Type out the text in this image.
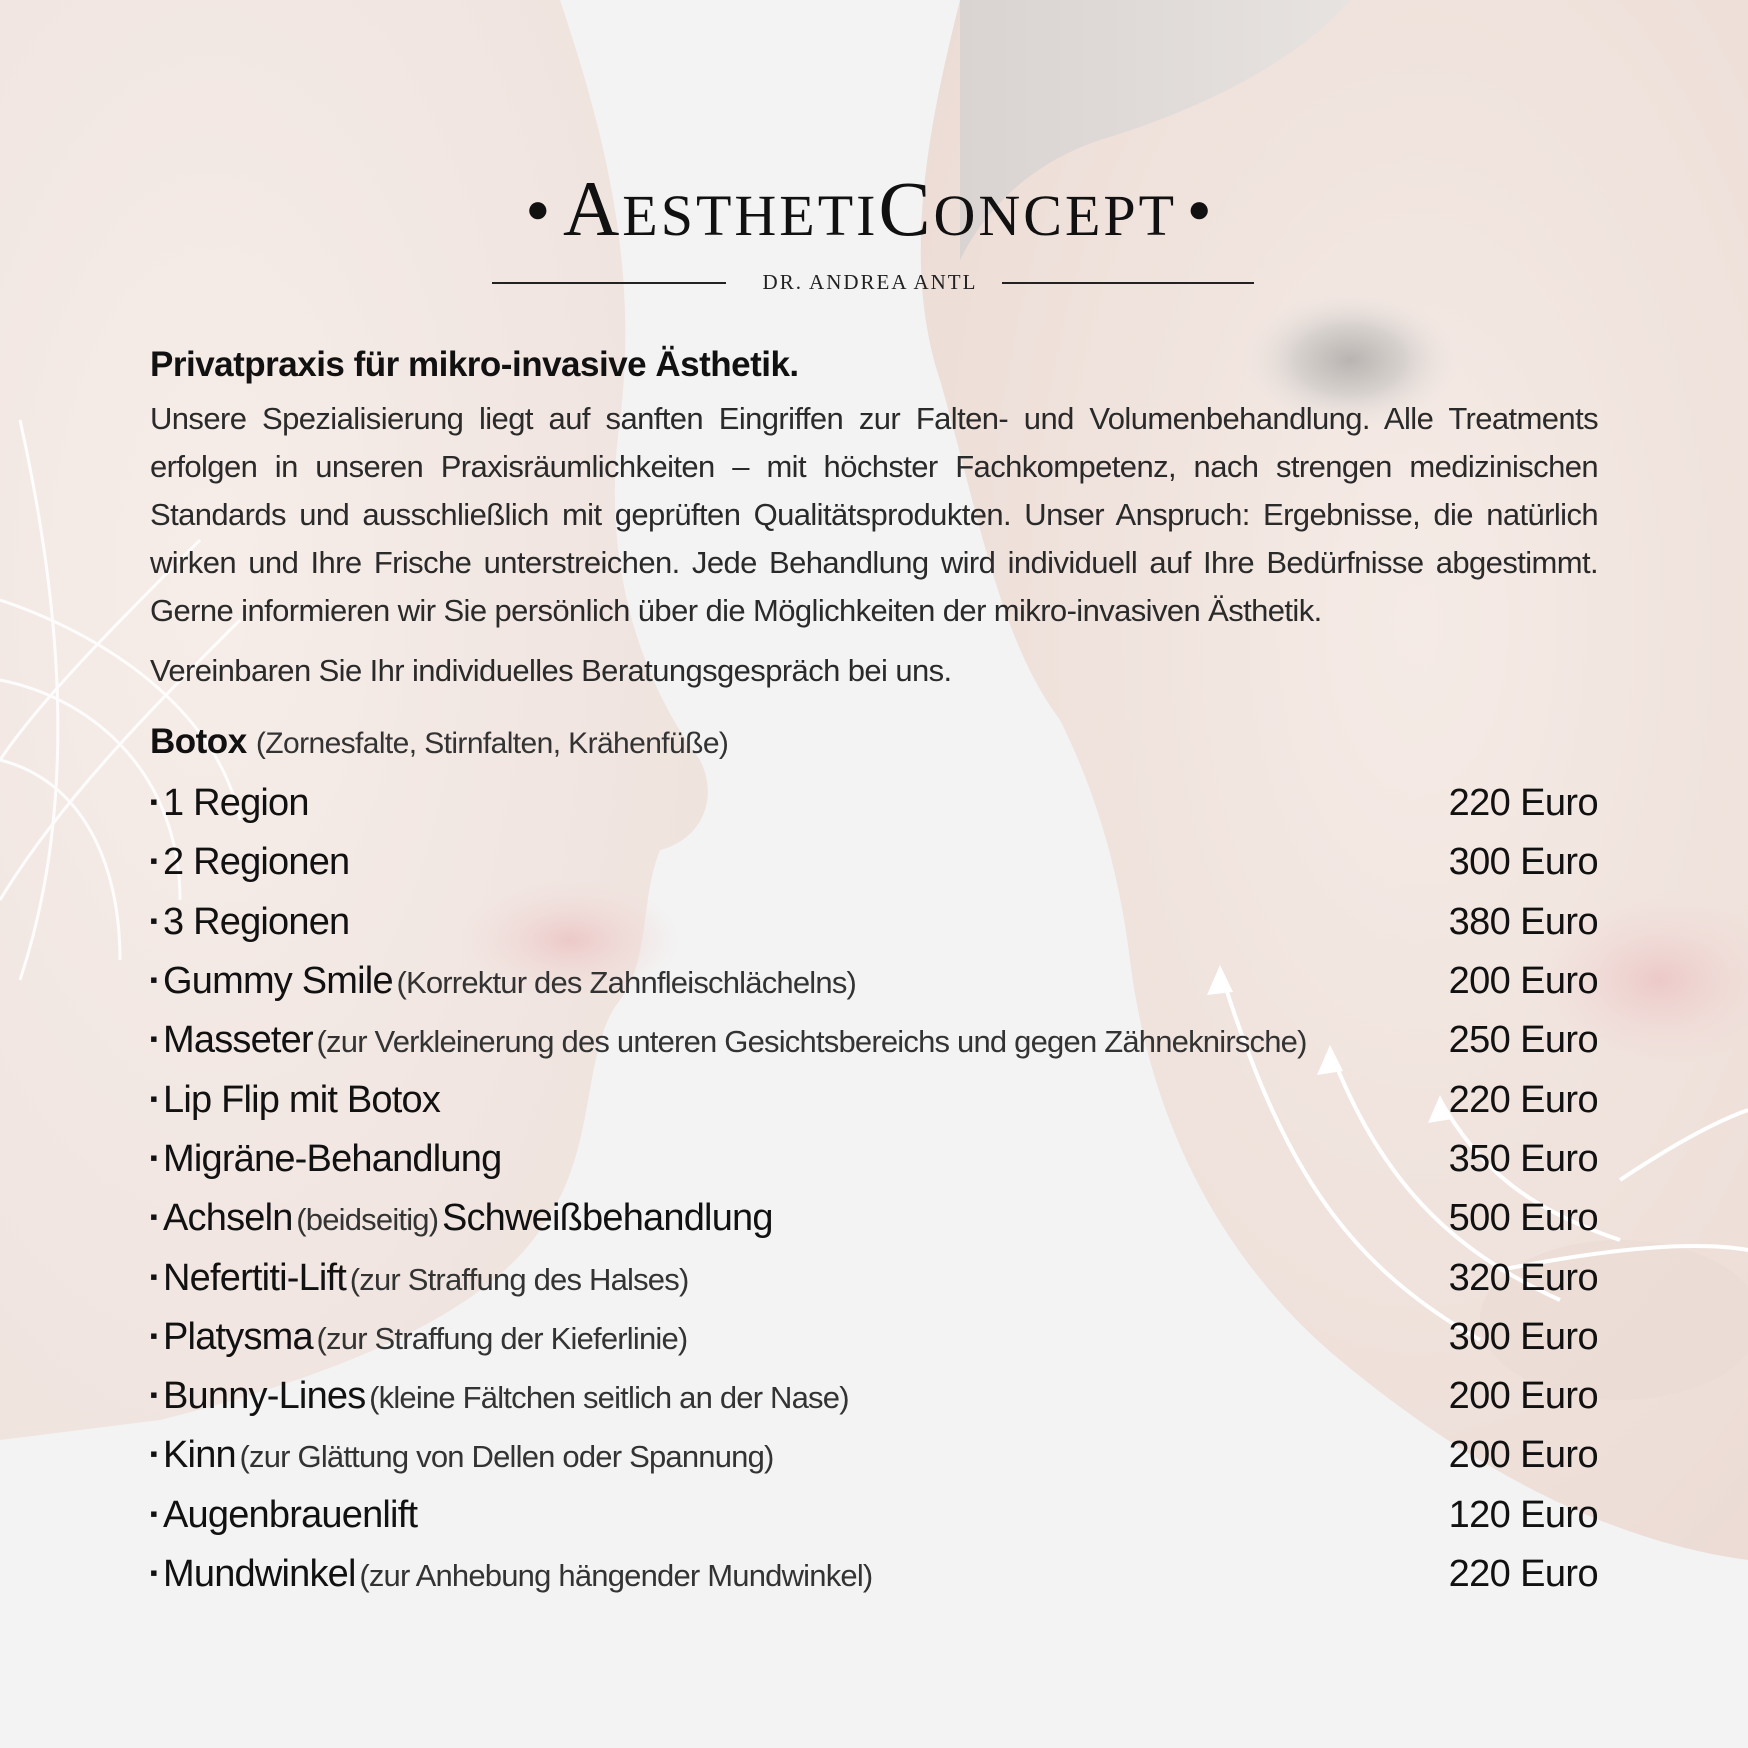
● AESTHETICONCEPT ●
DR. ANDREA ANTL
Privatpraxis für mikro-invasive Ästhetik.

Unsere Spezialisierung liegt auf sanften Eingriffen zur Falten- und Volumenbehandlung. Alle Treatments erfolgen in unseren Praxisräumlichkeiten – mit höchster Fachkompetenz, nach strengen medizinischen Standards und ausschließlich mit geprüften Qualitätsprodukten. Unser Anspruch: Ergebnisse, die natürlich wirken und Ihre Frische unterstreichen. Jede Behandlung wird individuell auf Ihre Bedürfnisse abgestimmt. Gerne informieren wir Sie persönlich über die Möglichkeiten der mikro-invasiven Ästhetik.

Vereinbaren Sie Ihr individuelles Beratungsgespräch bei uns.

Botox (Zornesfalte, Stirnfalten, Krähenfüße)
▪ 1 Region	220 Euro
▪ 2 Regionen	300 Euro
▪ 3 Regionen	380 Euro
▪ Gummy Smile (Korrektur des Zahnfleischlächelns)	200 Euro
▪ Masseter (zur Verkleinerung des unteren Gesichtsbereichs und gegen Zähneknirsche)	250 Euro
▪ Lip Flip mit Botox	220 Euro
▪ Migräne-Behandlung	350 Euro
▪ Achseln (beidseitig) Schweißbehandlung	500 Euro
▪ Nefertiti-Lift (zur Straffung des Halses)	320 Euro
▪ Platysma (zur Straffung der Kieferlinie)	300 Euro
▪ Bunny-Lines (kleine Fältchen seitlich an der Nase)	200 Euro
▪ Kinn (zur Glättung von Dellen oder Spannung)	200 Euro
▪ Augenbrauenlift	120 Euro
▪ Mundwinkel (zur Anhebung hängender Mundwinkel)	220 Euro
